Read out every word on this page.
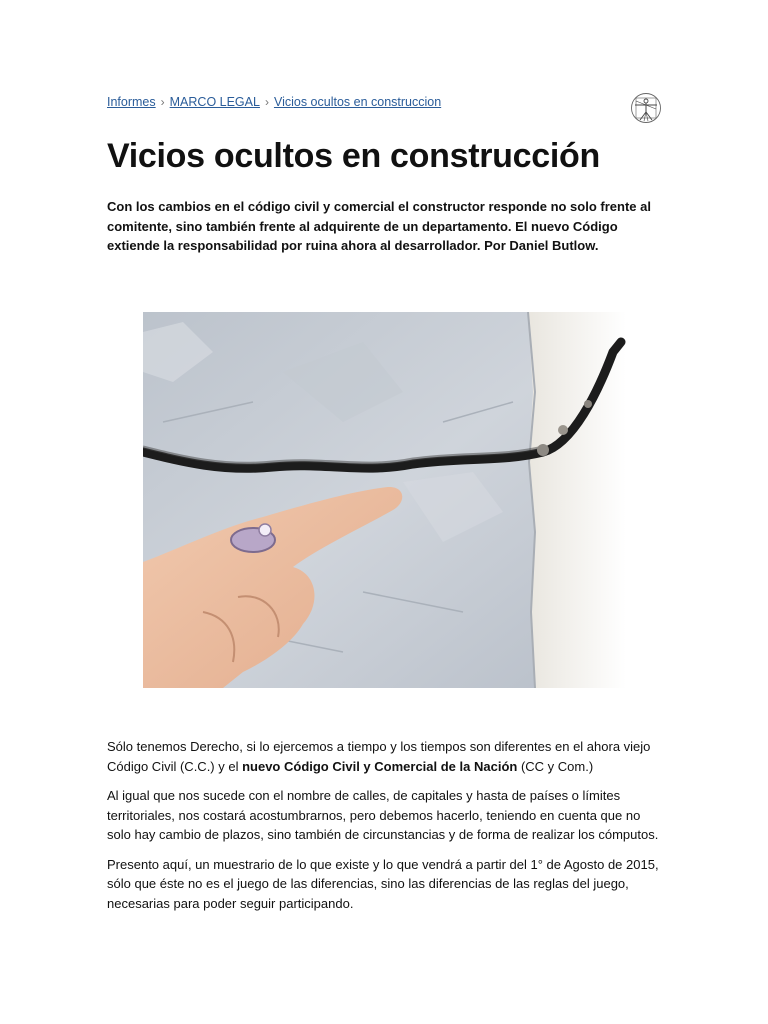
Informes › MARCO LEGAL › Vicios ocultos en construccion
Vicios ocultos en construcción

Con los cambios en el código civil y comercial el constructor responde no solo frente al comitente, sino también frente al adquirente de un departamento. El nuevo Código extiende la responsabilidad por ruina ahora al desarrollador. Por Daniel Butlow.

Sólo tenemos Derecho, si lo ejercemos a tiempo y los tiempos son diferentes en el ahora viejo Código Civil (C.C.) y el nuevo Código Civil y Comercial de la Nación (CC y Com.)

Al igual que nos sucede con el nombre de calles, de capitales y hasta de países o límites territoriales, nos costará acostumbrarnos, pero debemos hacerlo, teniendo en cuenta que no solo hay cambio de plazos, sino también de circunstancias y de forma de realizar los cómputos.

Presento aquí, un muestrario de lo que existe y lo que vendrá a partir del 1° de Agosto de 2015, sólo que éste no es el juego de las diferencias, sino las diferencias de las reglas del juego, necesarias para poder seguir participando.
